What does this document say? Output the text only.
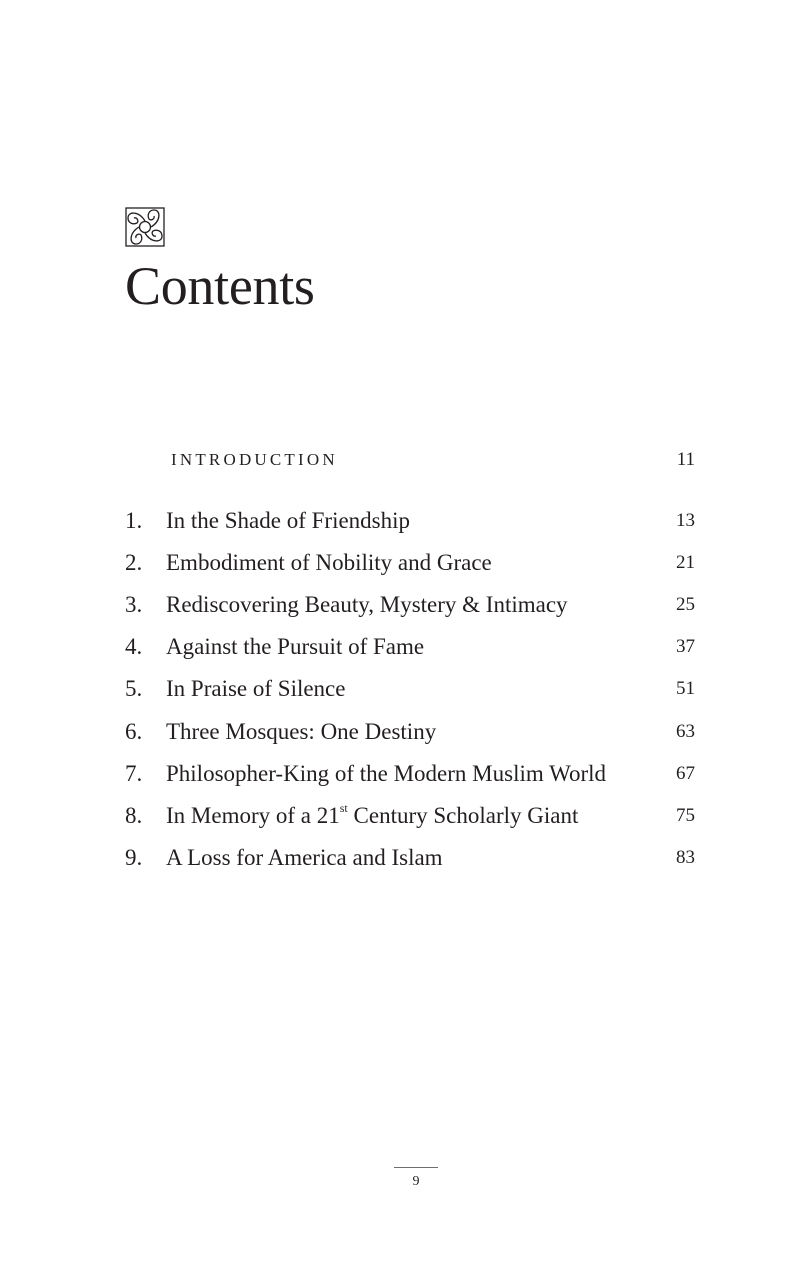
Contents
INTRODUCTION	11
1. In the Shade of Friendship	13
2. Embodiment of Nobility and Grace	21
3. Rediscovering Beauty, Mystery & Intimacy	25
4. Against the Pursuit of Fame	37
5. In Praise of Silence	51
6. Three Mosques: One Destiny	63
7. Philosopher-King of the Modern Muslim World	67
8. In Memory of a 21st Century Scholarly Giant	75
9. A Loss for America and Islam	83
9
